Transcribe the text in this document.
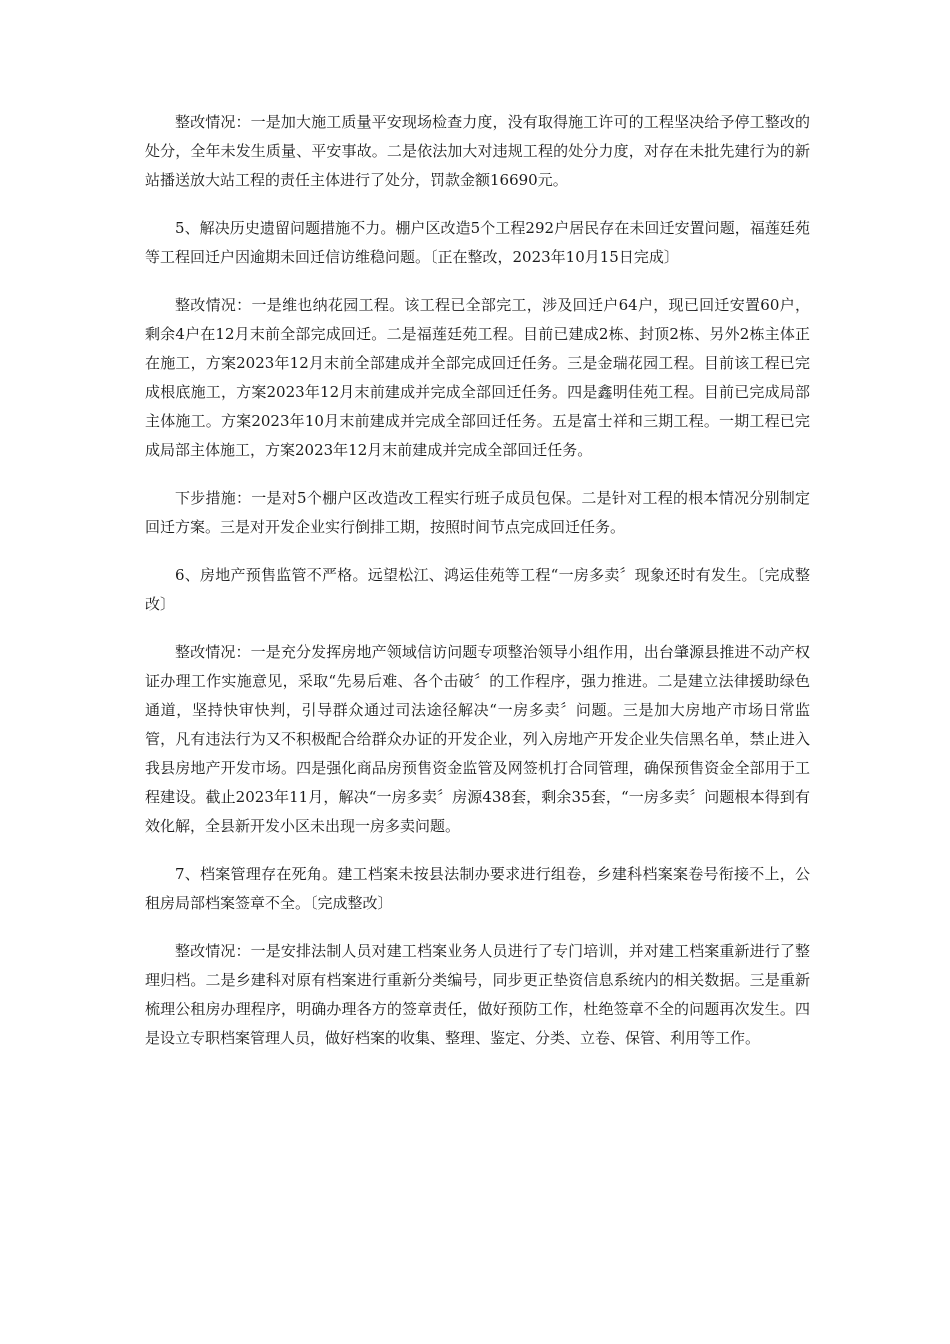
整改情况：一是加大施工质量平安现场检查力度，没有取得施工许可的工程坚决给予停工整改的处分，全年未发生质量、平安事故。二是依法加大对违规工程的处分力度，对存在未批先建行为的新站播送放大站工程的责任主体进行了处分，罚款金额16690元。

5、解决历史遗留问题措施不力。棚户区改造5个工程292户居民存在未回迁安置问题，福莲廷苑等工程回迁户因逾期未回迁信访维稳问题。〔正在整改，2023年10月15日完成〕

整改情况：一是维也纳花园工程。该工程已全部完工，涉及回迁户64户，现已回迁安置60户，剩余4户在12月末前全部完成回迁。二是福莲廷苑工程。目前已建成2栋、封顶2栋、另外2栋主体正在施工，方案2023年12月末前全部建成并全部完成回迁任务。三是金瑞花园工程。目前该工程已完成根底施工，方案2023年12月末前建成并完成全部回迁任务。四是鑫明佳苑工程。目前已完成局部主体施工。方案2023年10月末前建成并完成全部回迁任务。五是富士祥和三期工程。一期工程已完成局部主体施工，方案2023年12月末前建成并完成全部回迁任务。

下步措施：一是对5个棚户区改造改工程实行班子成员包保。二是针对工程的根本情况分别制定回迁方案。三是对开发企业实行倒排工期，按照时间节点完成回迁任务。

6、房地产预售监管不严格。远望松江、鸿运佳苑等工程“一房多卖〞现象还时有发生。〔完成整改〕

整改情况：一是充分发挥房地产领域信访问题专项整治领导小组作用，出台肇源县推进不动产权证办理工作实施意见，采取“先易后难、各个击破〞的工作程序，强力推进。二是建立法律援助绿色通道，坚持快审快判，引导群众通过司法途径解决“一房多卖〞问题。三是加大房地产市场日常监管，凡有违法行为又不积极配合给群众办证的开发企业，列入房地产开发企业失信黑名单，禁止进入我县房地产开发市场。四是强化商品房预售资金监管及网签机打合同管理，确保预售资金全部用于工程建设。截止2023年11月，解决“一房多卖〞房源438套，剩余35套，“一房多卖〞问题根本得到有效化解，全县新开发小区未出现一房多卖问题。

7、档案管理存在死角。建工档案未按县法制办要求进行组卷，乡建科档案案卷号衔接不上，公租房局部档案签章不全。〔完成整改〕

整改情况：一是安排法制人员对建工档案业务人员进行了专门培训，并对建工档案重新进行了整理归档。二是乡建科对原有档案进行重新分类编号，同步更正垫资信息系统内的相关数据。三是重新梳理公租房办理程序，明确办理各方的签章责任，做好预防工作，杜绝签章不全的问题再次发生。四是设立专职档案管理人员，做好档案的收集、整理、鉴定、分类、立卷、保管、利用等工作。
